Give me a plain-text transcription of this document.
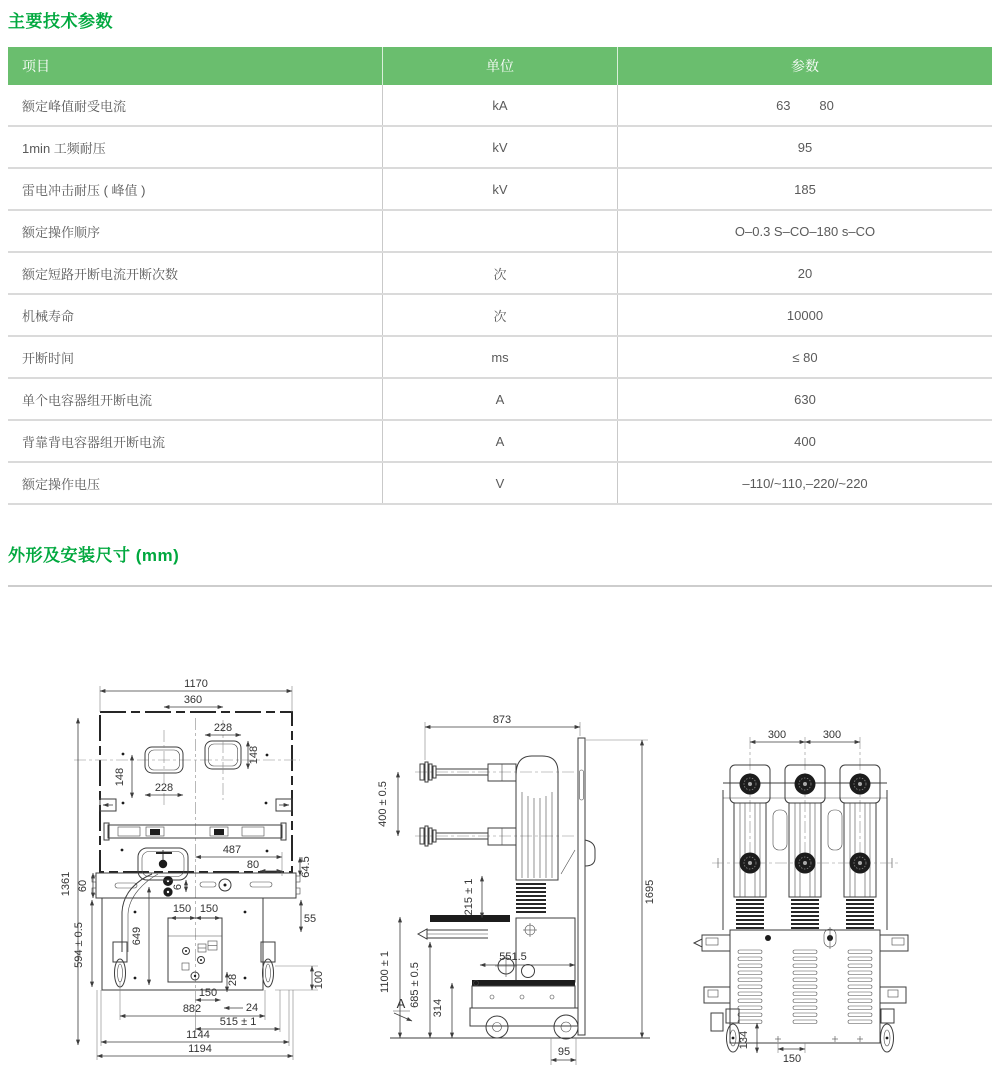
主要技术参数
项目	单位	参数
额定峰值耐受电流	kA	63        80
1min 工频耐压	kV	95
雷电冲击耐压 ( 峰值 )	kV	185
额定操作顺序		O–0.3 S–CO–180 s–CO
额定短路开断电流开断次数	次	20
机械寿命	次	10000
开断时间	ms	≤ 80
单个电容器组开断电流	A	630
背靠背电容器组开断电流	A	400
额定操作电压	V	–110/~110,–220/~220
外形及安装尺寸 (mm)
1170
360
228
148
148
228
487
80	64.5
1361 60	6
594 ± 0.5	649
150 150
55
28	100
150
24
882
515 ± 1
1144
1194
873
400 ± 0.5
1695
215 ± 1
1100 ± 1 685 ± 0.5
314
551.5
A
95
300	300
134
150
